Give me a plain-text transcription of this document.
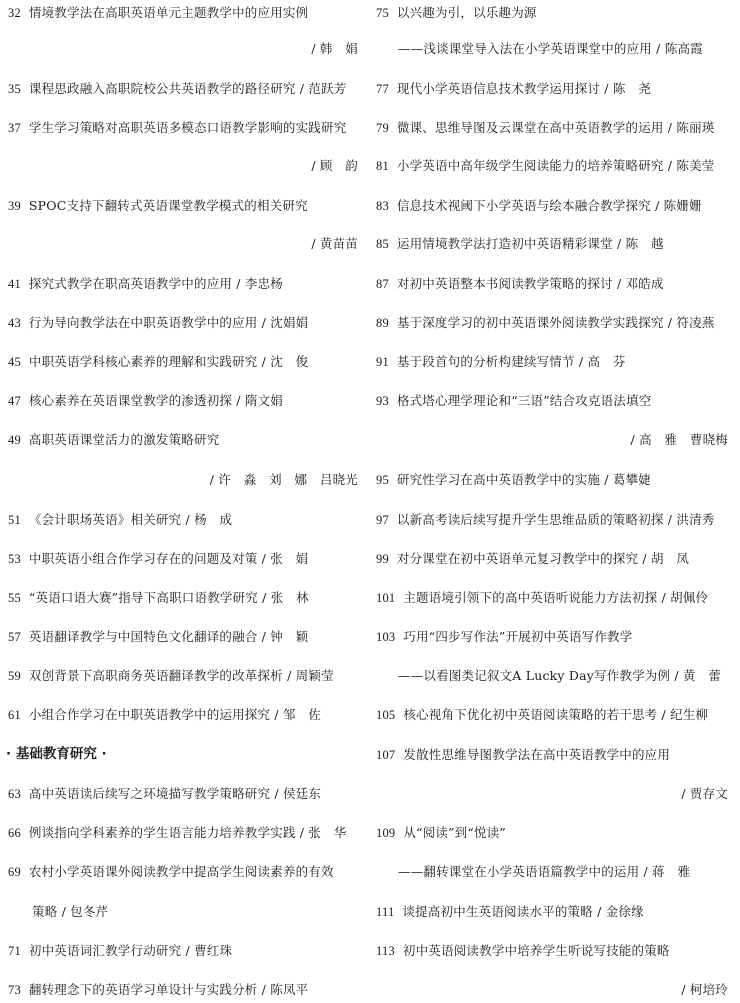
32 情境教学法在高职英语单元主题教学中的应用实例
/ 韩　娟
35 课程思政融入高职院校公共英语教学的路径研究 / 范跃芳
37 学生学习策略对高职英语多模态口语教学影响的实践研究
/ 顾　韵
39 SPOC支持下翻转式英语课堂教学模式的相关研究
/ 黄苗苗
41 探究式教学在职高英语教学中的应用 / 李忠杨
43 行为导向教学法在中职英语教学中的应用 / 沈娟娟
45 中职英语学科核心素养的理解和实践研究 / 沈　俊
47 核心素养在英语课堂教学的渗透初探 / 隋文娟
49 高职英语课堂活力的激发策略研究
/ 许　淼　刘　娜　吕晓光
51 《会计职场英语》相关研究 / 杨　成
53 中职英语小组合作学习存在的问题及对策 / 张　娟
55 “英语口语大赛”指导下高职口语教学研究 / 张　林
57 英语翻译教学与中国特色文化翻译的融合 / 钟　颖
59 双创背景下高职商务英语翻译教学的改革探析 / 周颖莹
61 小组合作学习在中职英语教学中的运用探究 / 邹　佐
· 基础教育研究 ·
63 高中英语读后续写之环境描写教学策略研究 / 侯廷东
66 例谈指向学科素养的学生语言能力培养教学实践 / 张　华
69 农村小学英语课外阅读教学中提高学生阅读素养的有效
策略 / 包冬芹
71 初中英语词汇教学行动研究 / 曹红珠
73 翻转理念下的英语学习单设计与实践分析 / 陈凤平
75 以兴趣为引，以乐趣为源
——浅谈课堂导入法在小学英语课堂中的应用 / 陈高霞
77 现代小学英语信息技术教学运用探讨 / 陈　尧
79 微课、思维导图及云课堂在高中英语教学的运用 / 陈丽瑛
81 小学英语中高年级学生阅读能力的培养策略研究 / 陈美莹
83 信息技术视阈下小学英语与绘本融合教学探究 / 陈姗姗
85 运用情境教学法打造初中英语精彩课堂 / 陈　越
87 对初中英语整本书阅读教学策略的探讨 / 邓皓成
89 基于深度学习的初中英语课外阅读教学实践探究 / 符凌燕
91 基于段首句的分析构建续写情节 / 高　芬
93 格式塔心理学理论和“三语”结合攻克语法填空
/ 高　雅　曹晓梅
95 研究性学习在高中英语教学中的实施 / 葛攀婕
97 以新高考读后续写提升学生思维品质的策略初探 / 洪清秀
99 对分课堂在初中英语单元复习教学中的探究 / 胡　凤
101 主题语境引领下的高中英语听说能力方法初探 / 胡佩伶
103 巧用“四步写作法”开展初中英语写作教学
——以看图类记叙文A Lucky Day写作教学为例 / 黄　蕾
105 核心视角下优化初中英语阅读策略的若干思考 / 纪生柳
107 发散性思维导图教学法在高中英语教学中的应用
/ 贾存文
109 从“阅读”到“悦读”
——翻转课堂在小学英语语篇教学中的运用 / 蒋　雅
111 谈提高初中生英语阅读水平的策略 / 金徐缘
113 初中英语阅读教学中培养学生听说写技能的策略
/ 柯培玲
